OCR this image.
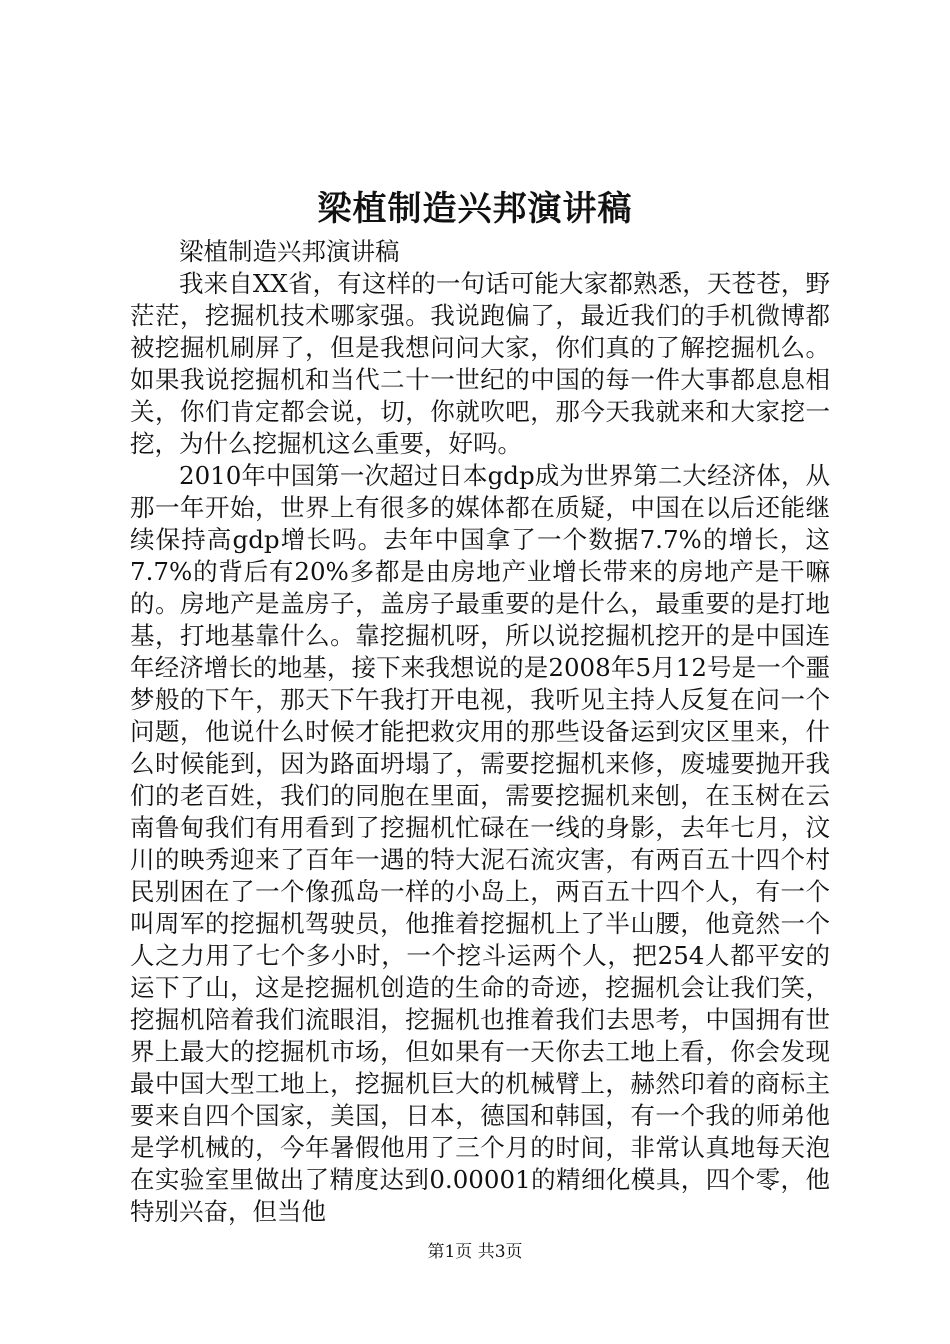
梁植制造兴邦演讲稿

梁植制造兴邦演讲稿

我来自XX省，有这样的一句话可能大家都熟悉，天苍苍，野茫茫，挖掘机技术哪家强。我说跑偏了，最近我们的手机微博都被挖掘机刷屏了，但是我想问问大家，你们真的了解挖掘机么。如果我说挖掘机和当代二十一世纪的中国的每一件大事都息息相关，你们肯定都会说，切，你就吹吧，那今天我就来和大家挖一挖，为什么挖掘机这么重要，好吗。

2010年中国第一次超过日本gdp成为世界第二大经济体，从那一年开始，世界上有很多的媒体都在质疑，中国在以后还能继续保持高gdp增长吗。去年中国拿了一个数据7.7%的增长，这7.7%的背后有20%多都是由房地产业增长带来的房地产是干嘛的。房地产是盖房子，盖房子最重要的是什么，最重要的是打地基，打地基靠什么。靠挖掘机呀，所以说挖掘机挖开的是中国连年经济增长的地基，接下来我想说的是2008年5月12号是一个噩梦般的下午，那天下午我打开电视，我听见主持人反复在问一个问题，他说什么时候才能把救灾用的那些设备运到灾区里来，什么时候能到，因为路面坍塌了，需要挖掘机来修，废墟要抛开我们的老百姓，我们的同胞在里面，需要挖掘机来刨，在玉树在云南鲁甸我们有用看到了挖掘机忙碌在一线的身影，去年七月，汶川的映秀迎来了百年一遇的特大泥石流灾害，有两百五十四个村民别困在了一个像孤岛一样的小岛上，两百五十四个人，有一个叫周军的挖掘机驾驶员，他推着挖掘机上了半山腰，他竟然一个人之力用了七个多小时，一个挖斗运两个人，把254人都平安的运下了山，这是挖掘机创造的生命的奇迹，挖掘机会让我们笑，挖掘机陪着我们流眼泪，挖掘机也推着我们去思考，中国拥有世界上最大的挖掘机市场，但如果有一天你去工地上看，你会发现最中国大型工地上，挖掘机巨大的机械臂上，赫然印着的商标主要来自四个国家，美国，日本，德国和韩国，有一个我的师弟他是学机械的，今年暑假他用了三个月的时间，非常认真地每天泡在实验室里做出了精度达到0.00001的精细化模具，四个零，他特别兴奋，但当他

第1页 共3页
